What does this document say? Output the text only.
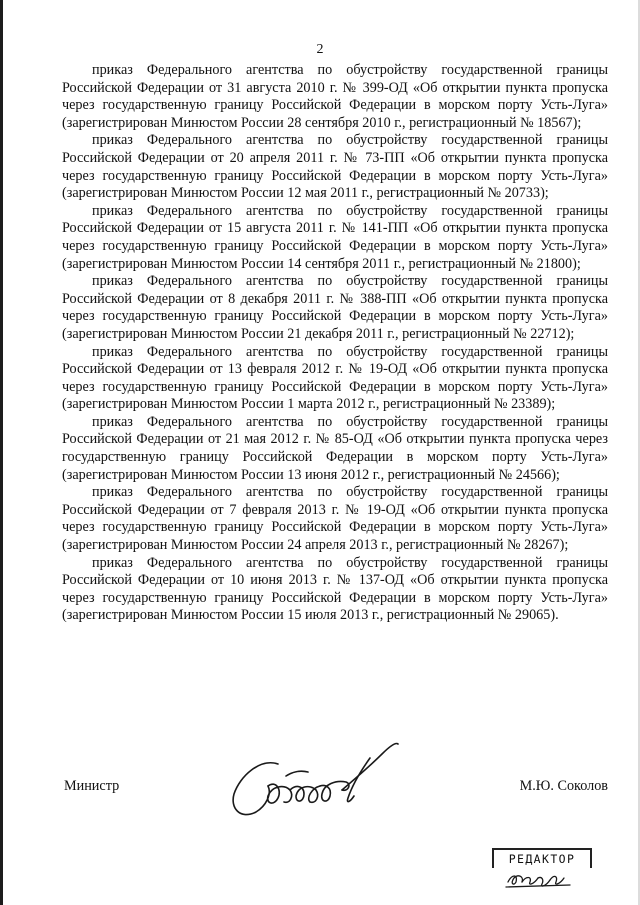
2

приказ Федерального агентства по обустройству государственной границы Российской Федерации от 31 августа 2010 г. № 399-ОД «Об открытии пункта пропуска через государственную границу Российской Федерации в морском порту Усть-Луга» (зарегистрирован Минюстом России 28 сентября 2010 г., регистрационный № 18567);

приказ Федерального агентства по обустройству государственной границы Российской Федерации от 20 апреля 2011 г. № 73-ПП «Об открытии пункта пропуска через государственную границу Российской Федерации в морском порту Усть-Луга» (зарегистрирован Минюстом России 12 мая 2011 г., регистрационный № 20733);

приказ Федерального агентства по обустройству государственной границы Российской Федерации от 15 августа 2011 г. № 141-ПП «Об открытии пункта пропуска через государственную границу Российской Федерации в морском порту Усть-Луга» (зарегистрирован Минюстом России 14 сентября 2011 г., регистрационный № 21800);

приказ Федерального агентства по обустройству государственной границы Российской Федерации от 8 декабря 2011 г. № 388-ПП «Об открытии пункта пропуска через государственную границу Российской Федерации в морском порту Усть-Луга» (зарегистрирован Минюстом России 21 декабря 2011 г., регистрационный № 22712);

приказ Федерального агентства по обустройству государственной границы Российской Федерации от 13 февраля 2012 г. № 19-ОД «Об открытии пункта пропуска через государственную границу Российской Федерации в морском порту Усть-Луга» (зарегистрирован Минюстом России 1 марта 2012 г., регистрационный № 23389);

приказ Федерального агентства по обустройству государственной границы Российской Федерации от 21 мая 2012 г. № 85-ОД «Об открытии пункта пропуска через государственную границу Российской Федерации в морском порту Усть-Луга» (зарегистрирован Минюстом России 13 июня 2012 г., регистрационный № 24566);

приказ Федерального агентства по обустройству государственной границы Российской Федерации от 7 февраля 2013 г. № 19-ОД «Об открытии пункта пропуска через государственную границу Российской Федерации в морском порту Усть-Луга» (зарегистрирован Минюстом России 24 апреля 2013 г., регистрационный № 28267);

приказ Федерального агентства по обустройству государственной границы Российской Федерации от 10 июня 2013 г. № 137-ОД «Об открытии пункта пропуска через государственную границу Российской Федерации в морском порту Усть-Луга» (зарегистрирован Минюстом России 15 июля 2013 г., регистрационный № 29065).

Министр	М.Ю. Соколов
РЕДАКТОР
